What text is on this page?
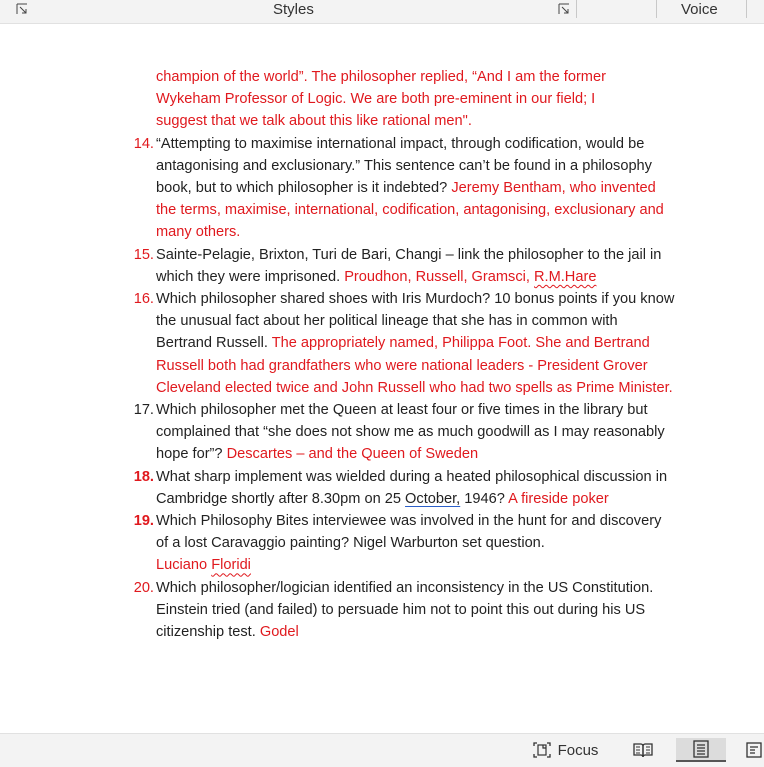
Styles	Voice
champion of the world”. The philosopher replied, “And I am the former
Wykeham Professor of Logic. We are both pre-eminent in our field; I
suggest that we talk about this like rational men".
14. “Attempting to maximise international impact, through codification, would be antagonising and exclusionary.” This sentence can’t be found in a philosophy book, but to which philosopher is it indebted? Jeremy Bentham, who invented the terms, maximise, international, codification, antagonising, exclusionary and many others.
15. Sainte-Pelagie, Brixton, Turi de Bari, Changi – link the philosopher to the jail in which they were imprisoned. Proudhon, Russell, Gramsci, R.M.Hare
16. Which philosopher shared shoes with Iris Murdoch? 10 bonus points if you know the unusual fact about her political lineage that she has in common with Bertrand Russell. The appropriately named, Philippa Foot. She and Bertrand Russell both had grandfathers who were national leaders - President Grover Cleveland elected twice and John Russell who had two spells as Prime Minister.
17. Which philosopher met the Queen at least four or five times in the library but complained that “she does not show me as much goodwill as I may reasonably hope for”? Descartes – and the Queen of Sweden
18. What sharp implement was wielded during a heated philosophical discussion in Cambridge shortly after 8.30pm on 25 October, 1946? A fireside poker
19. Which Philosophy Bites interviewee was involved in the hunt for and discovery of a lost Caravaggio painting? Nigel Warburton set question.
Luciano Floridi
20. Which philosopher/logician identified an inconsistency in the US Constitution. Einstein tried (and failed) to persuade him not to point this out during his US citizenship test. Godel
Focus
